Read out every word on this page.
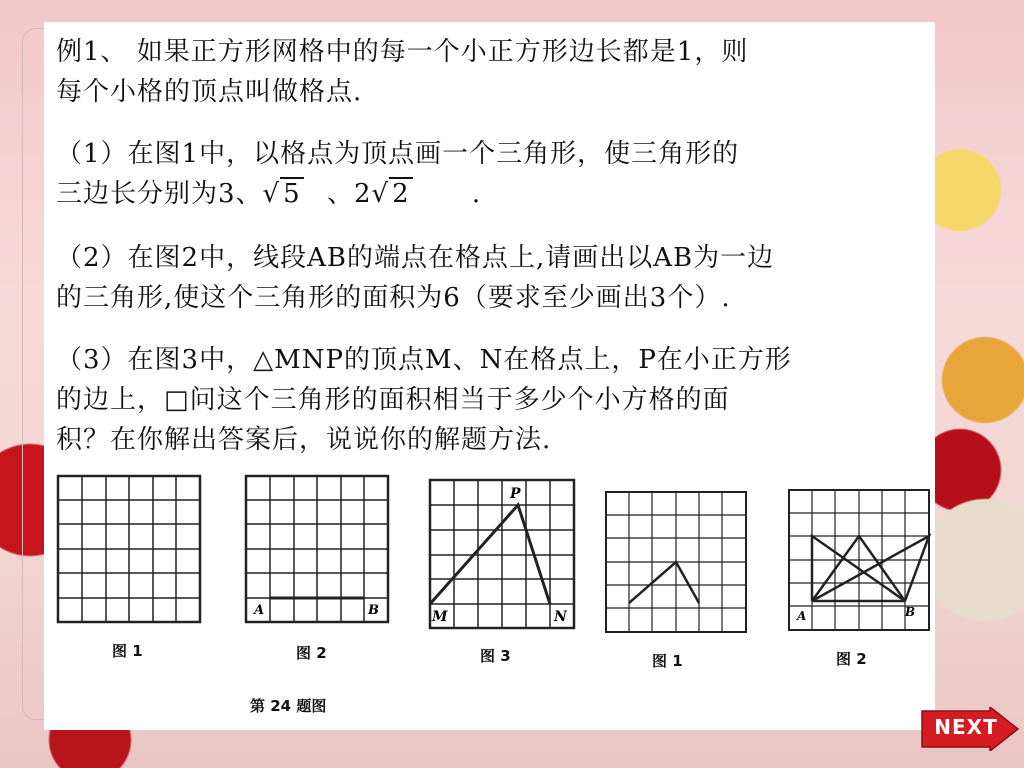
例1、 如果正方形网格中的每一个小正方形边长都是1，则
每个小格的顶点叫做格点.
（1）在图1中，以格点为顶点画一个三角形，使三角形的
三边长分别为3、√ 5 、2√ 2 .
（2）在图2中，线段AB的端点在格点上,请画出以AB为一边
的三角形,使这个三角形的面积为6（要求至少画出3个）.
（3）在图3中，△MNP的顶点M、N在格点上，P在小正方形
的边上，□问这个三角形的面积相当于多少个小方格的面
积？在你解出答案后，说说你的解题方法.
图 1
A	B
图 2
P
M	N
图 3
第 24 题图
图 1
A	B
图 2
NEXT
